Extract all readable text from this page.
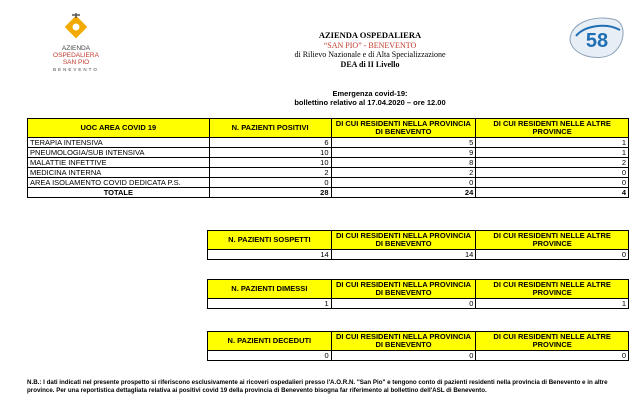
AZIENDA
OSPEDALIERA
SAN PIO
BENEVENTO
AZIENDA OSPEDALIERA
“SAN PIO” - BENEVENTO
di Rilievo Nazionale e di Alta Specializzazione
DEA di II Livello
58
Emergenza covid-19:
bollettino relativo al 17.04.2020 – ore 12.00
UOC AREA COVID 19	N. PAZIENTI POSITIVI	DI CUI RESIDENTI NELLA PROVINCIA DI BENEVENTO	DI CUI RESIDENTI NELLE ALTRE PROVINCE
TERAPIA INTENSIVA	6	5	1
PNEUMOLOGIA/SUB INTENSIVA	10	9	1
MALATTIE INFETTIVE	10	8	2
MEDICINA INTERNA	2	2	0
AREA ISOLAMENTO COVID DEDICATA P.S.	0	0	0
TOTALE	28	24	4
N. PAZIENTI SOSPETTI	DI CUI RESIDENTI NELLA PROVINCIA DI BENEVENTO	DI CUI RESIDENTI NELLE ALTRE PROVINCE
14	14	0
N. PAZIENTI DIMESSI	DI CUI RESIDENTI NELLA PROVINCIA DI BENEVENTO	DI CUI RESIDENTI NELLE ALTRE PROVINCE
1	0	1
N. PAZIENTI DECEDUTI	DI CUI RESIDENTI NELLA PROVINCIA DI BENEVENTO	DI CUI RESIDENTI NELLE ALTRE PROVINCE
0	0	0
N.B.: I dati indicati nel presente prospetto si riferiscono esclusivamente ai ricoveri ospedalieri presso l'A.O.R.N. "San Pio" e tengono conto di pazienti residenti nella provincia di Benevento e in altre province. Per una reportistica dettagliata relativa ai positivi covid 19 della provincia di Benevento bisogna far riferimento al bollettino dell'ASL di Benevento.
